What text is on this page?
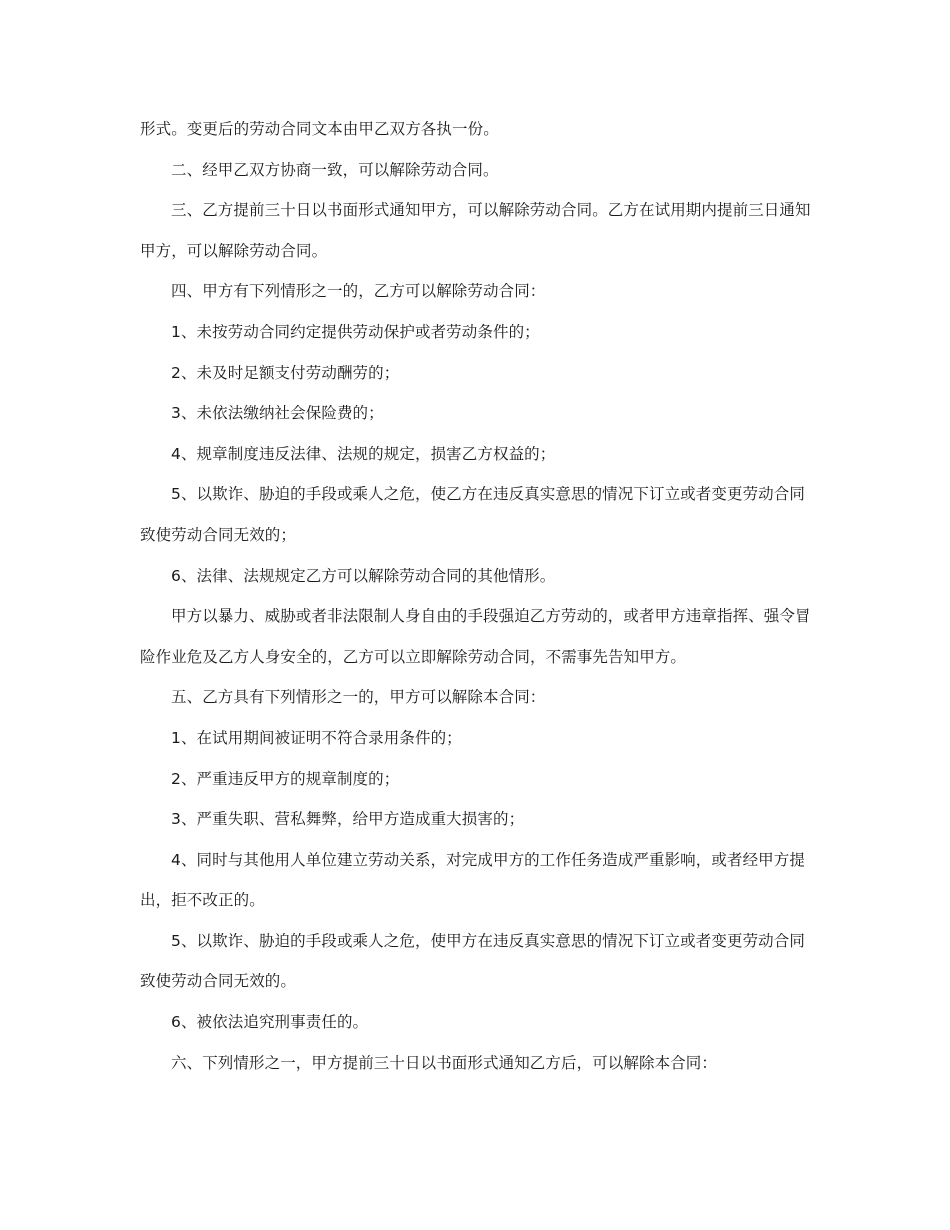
形式。变更后的劳动合同文本由甲乙双方各执一份。

二、经甲乙双方协商一致，可以解除劳动合同。

三、乙方提前三十日以书面形式通知甲方，可以解除劳动合同。乙方在试用期内提前三日通知甲方，可以解除劳动合同。

四、甲方有下列情形之一的，乙方可以解除劳动合同：

1、未按劳动合同约定提供劳动保护或者劳动条件的；

2、未及时足额支付劳动酬劳的；

3、未依法缴纳社会保险费的；

4、规章制度违反法律、法规的规定，损害乙方权益的；

5、以欺诈、胁迫的手段或乘人之危，使乙方在违反真实意思的情况下订立或者变更劳动合同致使劳动合同无效的；

6、法律、法规规定乙方可以解除劳动合同的其他情形。

甲方以暴力、威胁或者非法限制人身自由的手段强迫乙方劳动的，或者甲方违章指挥、强令冒险作业危及乙方人身安全的，乙方可以立即解除劳动合同，不需事先告知甲方。

五、乙方具有下列情形之一的，甲方可以解除本合同：

1、在试用期间被证明不符合录用条件的；

2、严重违反甲方的规章制度的；

3、严重失职、营私舞弊，给甲方造成重大损害的；

4、同时与其他用人单位建立劳动关系，对完成甲方的工作任务造成严重影响，或者经甲方提出，拒不改正的。

5、以欺诈、胁迫的手段或乘人之危，使甲方在违反真实意思的情况下订立或者变更劳动合同致使劳动合同无效的。

6、被依法追究刑事责任的。

六、下列情形之一，甲方提前三十日以书面形式通知乙方后，可以解除本合同：
